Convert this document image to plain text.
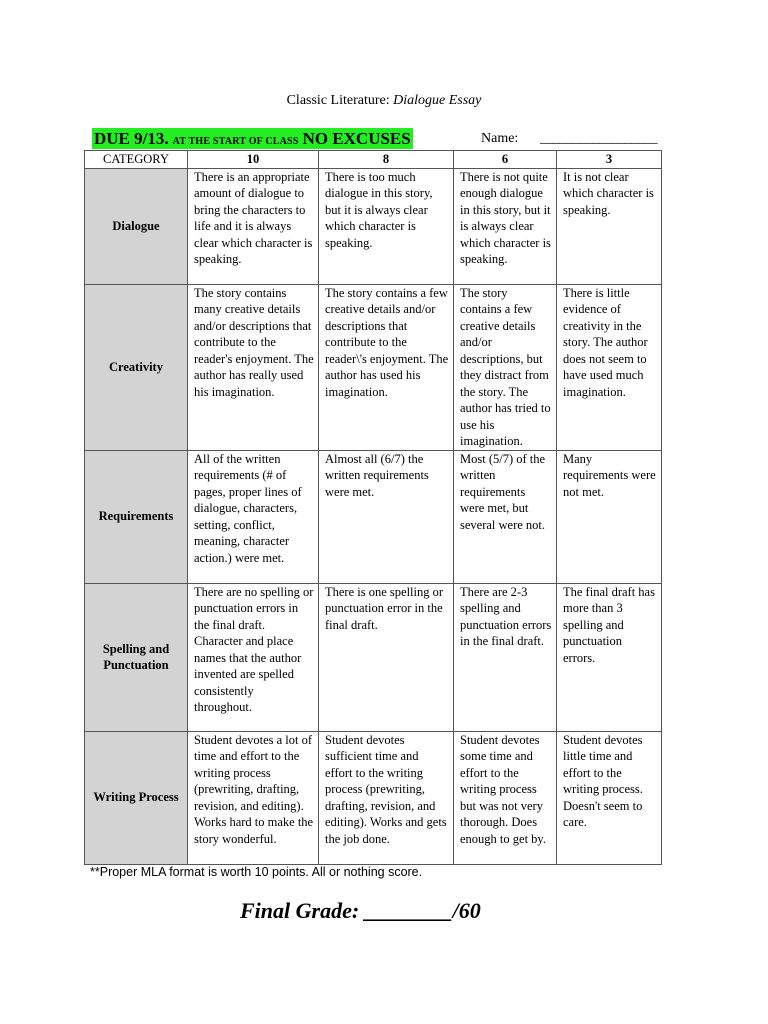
Classic Literature: Dialogue Essay
DUE 9/13. AT THE START OF CLASS NO EXCUSES	Name: __________________
CATEGORY	10	8	6	3
Dialogue	There is an appropriate amount of dialogue to bring the characters to life and it is always clear which character is speaking.	There is too much dialogue in this story, but it is always clear which character is speaking.	There is not quite enough dialogue in this story, but it is always clear which character is speaking.	It is not clear which character is speaking.
Creativity	The story contains many creative details and/or descriptions that contribute to the reader's enjoyment. The author has really used his imagination.	The story contains a few creative details and/or descriptions that contribute to the reader\'s enjoyment. The author has used his imagination.	The story contains a few creative details and/or descriptions, but they distract from the story. The author has tried to use his imagination.	There is little evidence of creativity in the story. The author does not seem to have used much imagination.
Requirements	All of the written requirements (# of pages, proper lines of dialogue, characters, setting, conflict, meaning, character action.) were met.	Almost all (6/7) the written requirements were met.	Most (5/7) of the written requirements were met, but several were not.	Many requirements were not met.
Spelling and Punctuation	There are no spelling or punctuation errors in the final draft. Character and place names that the author invented are spelled consistently throughout.	There is one spelling or punctuation error in the final draft.	There are 2-3 spelling and punctuation errors in the final draft.	The final draft has more than 3 spelling and punctuation errors.
Writing Process	Student devotes a lot of time and effort to the writing process (prewriting, drafting, revision, and editing). Works hard to make the story wonderful.	Student devotes sufficient time and effort to the writing process (prewriting, drafting, revision, and editing). Works and gets the job done.	Student devotes some time and effort to the writing process but was not very thorough. Does enough to get by.	Student devotes little time and effort to the writing process. Doesn't seem to care.
**Proper MLA format is worth 10 points. All or nothing score.
Final Grade: ________/60
